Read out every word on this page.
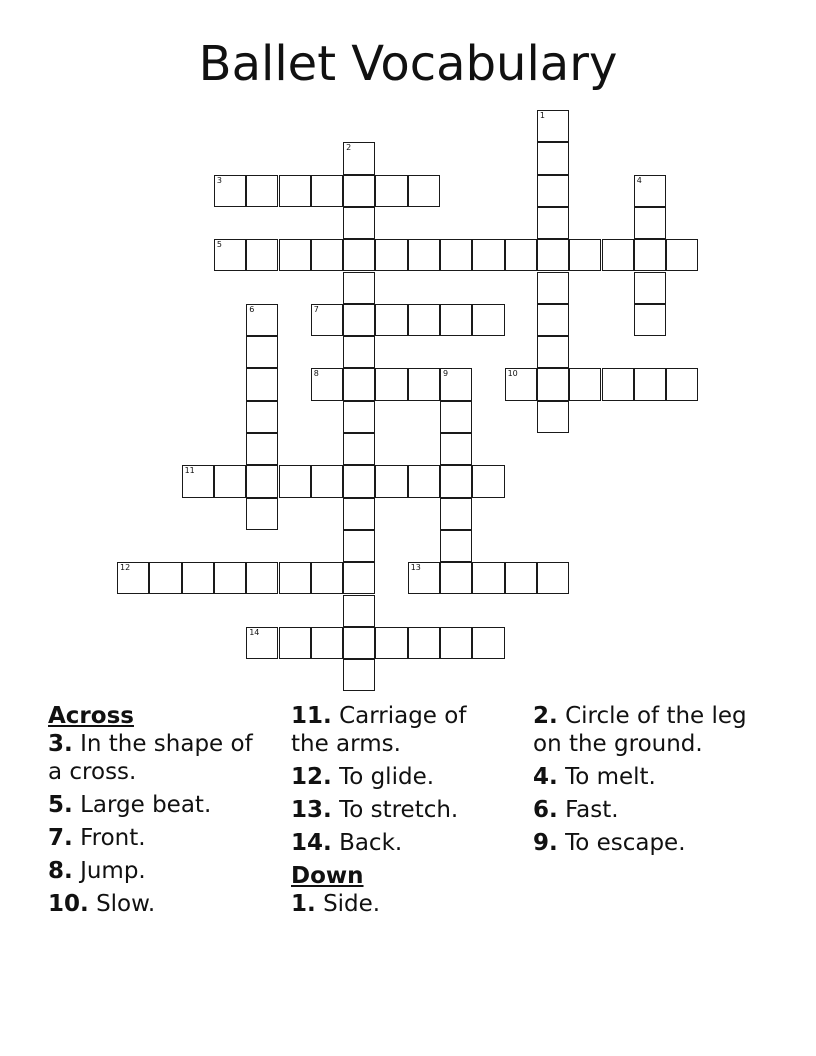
Ballet Vocabulary
1
2
3	4
5
6	7
8	9	10
11
12	13
14

Across

3. In the shape of a cross.
5. Large beat.
7. Front.
8. Jump.
10. Slow.
11. Carriage of the arms.
12. To glide.
13. To stretch.
14. Back.

Down

1. Side.
2. Circle of the leg on the ground.
4. To melt.
6. Fast.
9. To escape.
